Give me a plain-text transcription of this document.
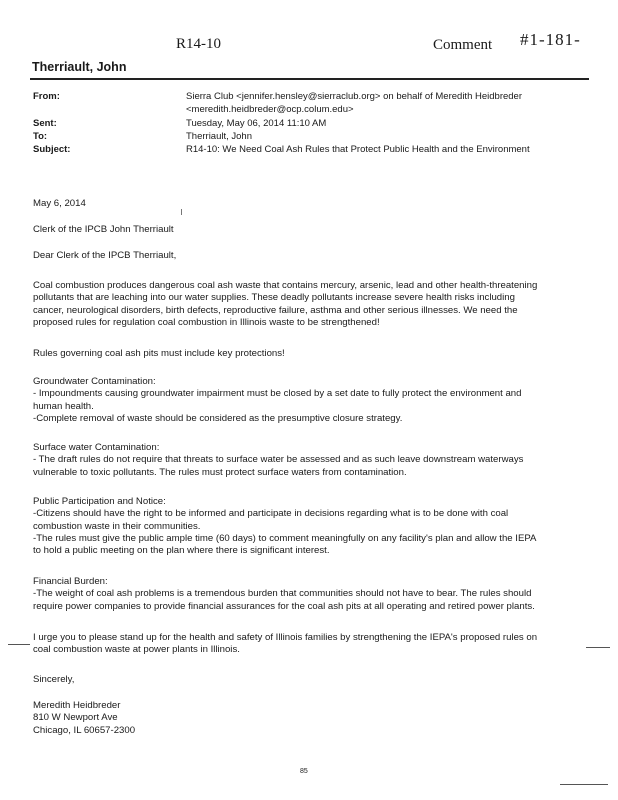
R14-10	Comment #1-181-
Therriault, John
From:	Sierra Club <jennifer.hensley@sierraclub.org> on behalf of Meredith Heidbreder
<meredith.heidbreder@ocp.colum.edu>
Sent:	Tuesday, May 06, 2014 11:10 AM
To:	Therriault, John
Subject:	R14-10: We Need Coal Ash Rules that Protect Public Health and the Environment
May 6, 2014
Clerk of the IPCB John Therriault
Dear Clerk of the IPCB Therriault,
Coal combustion produces dangerous coal ash waste that contains mercury, arsenic, lead and other health-threatening
pollutants that are leaching into our water supplies. These deadly pollutants increase severe health risks including
cancer, neurological disorders, birth defects, reproductive failure, asthma and other serious illnesses. We need the
proposed rules for regulation coal combustion in Illinois waste to be strengthened!
Rules governing coal ash pits must include key protections!
Groundwater Contamination:
- Impoundments causing groundwater impairment must be closed by a set date to fully protect the environment and
human health.
-Complete removal of waste should be considered as the presumptive closure strategy.
Surface water Contamination:
- The draft rules do not require that threats to surface water be assessed and as such leave downstream waterways
vulnerable to toxic pollutants. The rules must protect surface waters from contamination.
Public Participation and Notice:
-Citizens should have the right to be informed and participate in decisions regarding what is to be done with coal
combustion waste in their communities.
-The rules must give the public ample time (60 days) to comment meaningfully on any facility's plan and allow the IEPA
to hold a public meeting on the plan where there is significant interest.
Financial Burden:
-The weight of coal ash problems is a tremendous burden that communities should not have to bear. The rules should
require power companies to provide financial assurances for the coal ash pits at all operating and retired power plants.
I urge you to please stand up for the health and safety of Illinois families by strengthening the IEPA's proposed rules on
coal combustion waste at power plants in Illinois.
Sincerely,
Meredith Heidbreder
810 W Newport Ave
Chicago, IL 60657-2300
85
